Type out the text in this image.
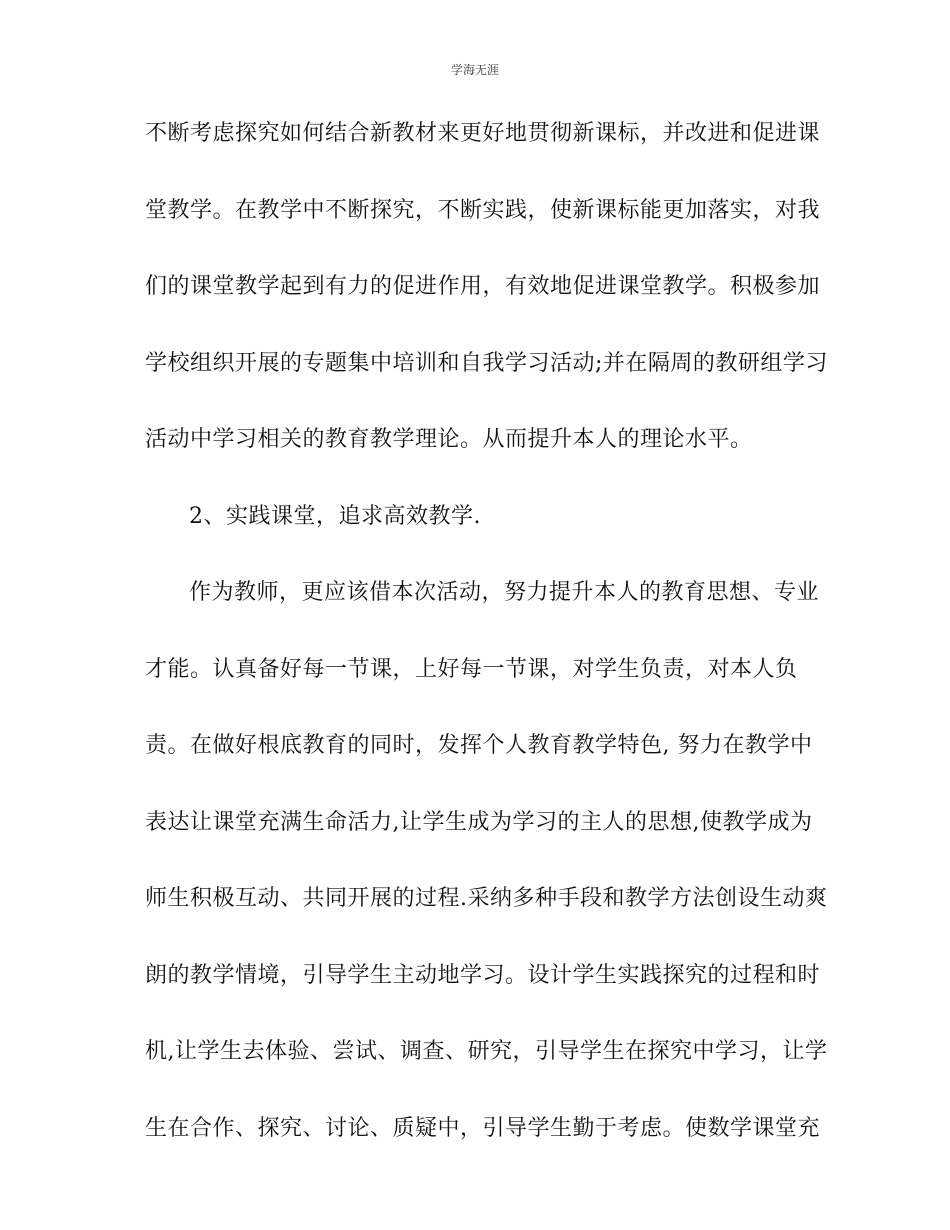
学海无涯
不断考虑探究如何结合新教材来更好地贯彻新课标，并改进和促进课
堂教学。在教学中不断探究，不断实践，使新课标能更加落实，对我
们的课堂教学起到有力的促进作用，有效地促进课堂教学。积极参加
学校组织开展的专题集中培训和自我学习活动;并在隔周的教研组学习
活动中学习相关的教育教学理论。从而提升本人的理论水平。
2、实践课堂，追求高效教学.
作为教师，更应该借本次活动，努力提升本人的教育思想、专业
才能。认真备好每一节课，上好每一节课，对学生负责，对本人负
责。在做好根底教育的同时，发挥个人教育教学特色, 努力在教学中
表达让课堂充满生命活力,让学生成为学习的主人的思想,使教学成为
师生积极互动、共同开展的过程.采纳多种手段和教学方法创设生动爽
朗的教学情境，引导学生主动地学习。设计学生实践探究的过程和时
机,让学生去体验、尝试、调查、研究，引导学生在探究中学习，让学
生在合作、探究、讨论、质疑中，引导学生勤于考虑。使数学课堂充
